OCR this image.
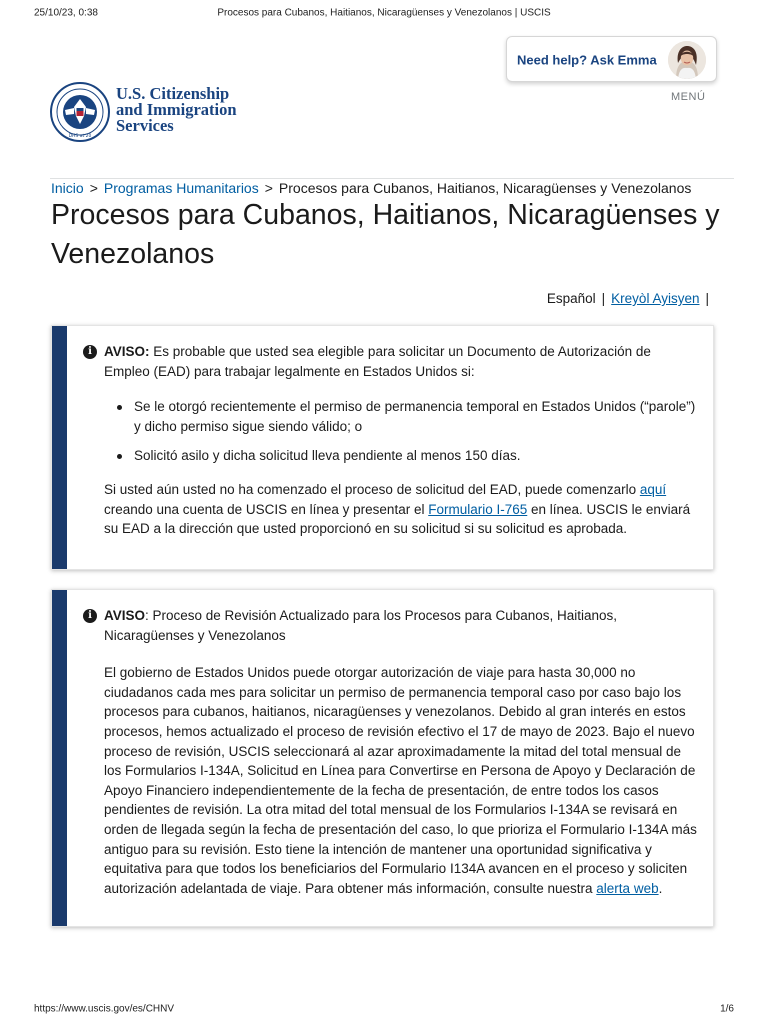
25/10/23, 0:38	Procesos para Cubanos, Haitianos, Nicaragüenses y Venezolanos | USCIS
Need help? Ask Emma
DHS at 20
U.S. Citizenship
and Immigration
Services
MENÚ
Inicio > Programas Humanitarios > Procesos para Cubanos, Haitianos, Nicaragüenses y Venezolanos
Procesos para Cubanos, Haitianos, Nicaragüenses y Venezolanos
Español | Kreyòl Ayisyen |
i AVISO: Es probable que usted sea elegible para solicitar un Documento de Autorización de Empleo (EAD) para trabajar legalmente en Estados Unidos si:

Se le otorgó recientemente el permiso de permanencia temporal en Estados Unidos (“parole”) y dicho permiso sigue siendo válido; o
Solicitó asilo y dicha solicitud lleva pendiente al menos 150 días.

Si usted aún usted no ha comenzado el proceso de solicitud del EAD, puede comenzarlo aquí creando una cuenta de USCIS en línea y presentar el Formulario I-765 en línea. USCIS le enviará su EAD a la dirección que usted proporcionó en su solicitud si su solicitud es aprobada.

i AVISO: Proceso de Revisión Actualizado para los Procesos para Cubanos, Haitianos, Nicaragüenses y Venezolanos

El gobierno de Estados Unidos puede otorgar autorización de viaje para hasta 30,000 no ciudadanos cada mes para solicitar un permiso de permanencia temporal caso por caso bajo los procesos para cubanos, haitianos, nicaragüenses y venezolanos. Debido al gran interés en estos procesos, hemos actualizado el proceso de revisión efectivo el 17 de mayo de 2023. Bajo el nuevo proceso de revisión, USCIS seleccionará al azar aproximadamente la mitad del total mensual de los Formularios I-134A, Solicitud en Línea para Convertirse en Persona de Apoyo y Declaración de Apoyo Financiero independientemente de la fecha de presentación, de entre todos los casos pendientes de revisión. La otra mitad del total mensual de los Formularios I-134A se revisará en orden de llegada según la fecha de presentación del caso, lo que prioriza el Formulario I-134A más antiguo para su revisión. Esto tiene la intención de mantener una oportunidad significativa y equitativa para que todos los beneficiarios del Formulario I134A avancen en el proceso y soliciten autorización adelantada de viaje. Para obtener más información, consulte nuestra alerta web.

https://www.uscis.gov/es/CHNV	1/6
